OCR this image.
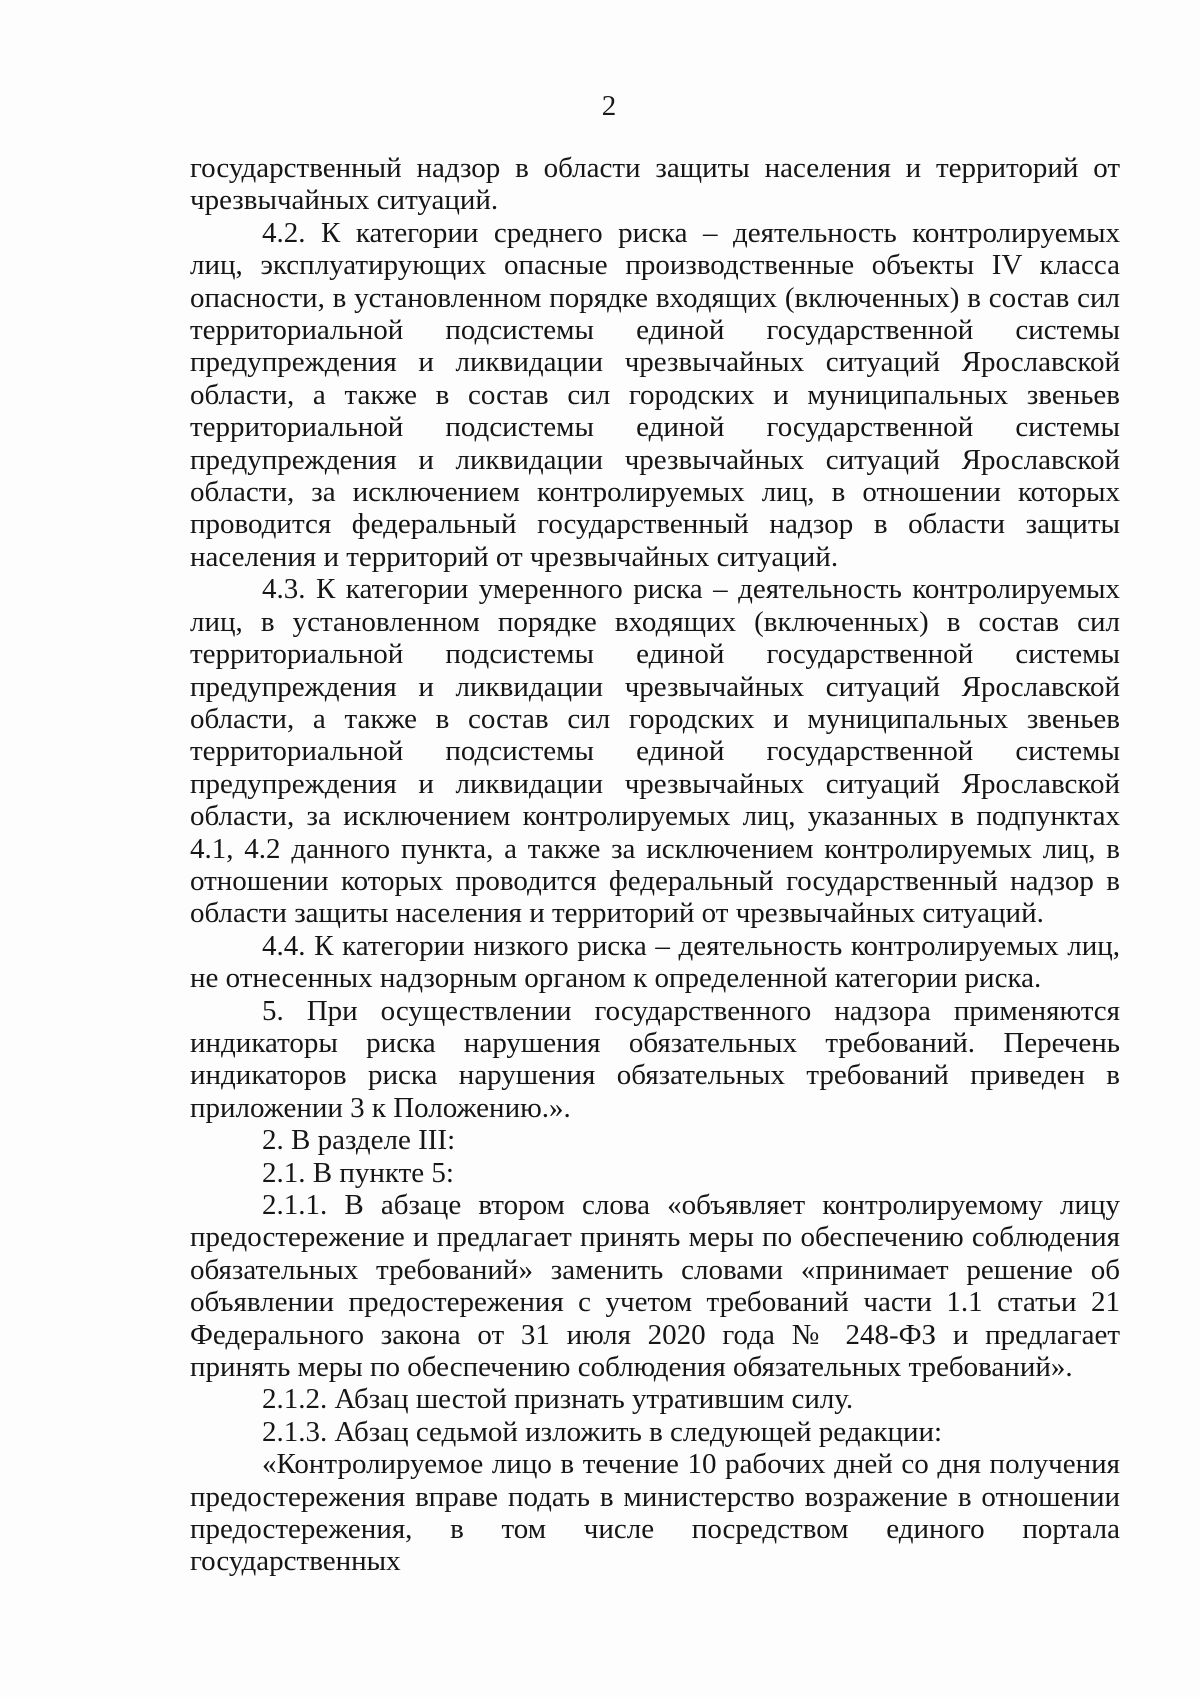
2

государственный надзор в области защиты населения и территорий от чрезвычайных ситуаций.

4.2. К категории среднего риска – деятельность контролируемых лиц, эксплуатирующих опасные производственные объекты IV класса опасности, в установленном порядке входящих (включенных) в состав сил территориальной подсистемы единой государственной системы предупреждения и ликвидации чрезвычайных ситуаций Ярославской области, а также в состав сил городских и муниципальных звеньев территориальной подсистемы единой государственной системы предупреждения и ликвидации чрезвычайных ситуаций Ярославской области, за исключением контролируемых лиц, в отношении которых проводится федеральный государственный надзор в области защиты населения и территорий от чрезвычайных ситуаций.

4.3. К категории умеренного риска – деятельность контролируемых лиц, в установленном порядке входящих (включенных) в состав сил территориальной подсистемы единой государственной системы предупреждения и ликвидации чрезвычайных ситуаций Ярославской области, а также в состав сил городских и муниципальных звеньев территориальной подсистемы единой государственной системы предупреждения и ликвидации чрезвычайных ситуаций Ярославской области, за исключением контролируемых лиц, указанных в подпунктах 4.1, 4.2 данного пункта, а также за исключением контролируемых лиц, в отношении которых проводится федеральный государственный надзор в области защиты населения и территорий от чрезвычайных ситуаций.

4.4. К категории низкого риска – деятельность контролируемых лиц, не отнесенных надзорным органом к определенной категории риска.

5. При осуществлении государственного надзора применяются индикаторы риска нарушения обязательных требований. Перечень индикаторов риска нарушения обязательных требований приведен в приложении 3 к Положению.».

2. В разделе III:

2.1. В пункте 5:

2.1.1. В абзаце втором слова «объявляет контролируемому лицу предостережение и предлагает принять меры по обеспечению соблюдения обязательных требований» заменить словами «принимает решение об объявлении предостережения с учетом требований части 1.1 статьи 21 Федерального закона от 31 июля 2020 года № 248-ФЗ и предлагает принять меры по обеспечению соблюдения обязательных требований».

2.1.2. Абзац шестой признать утратившим силу.

2.1.3. Абзац седьмой изложить в следующей редакции:

«Контролируемое лицо в течение 10 рабочих дней со дня получения предостережения вправе подать в министерство возражение в отношении предостережения, в том числе посредством единого портала государственных
